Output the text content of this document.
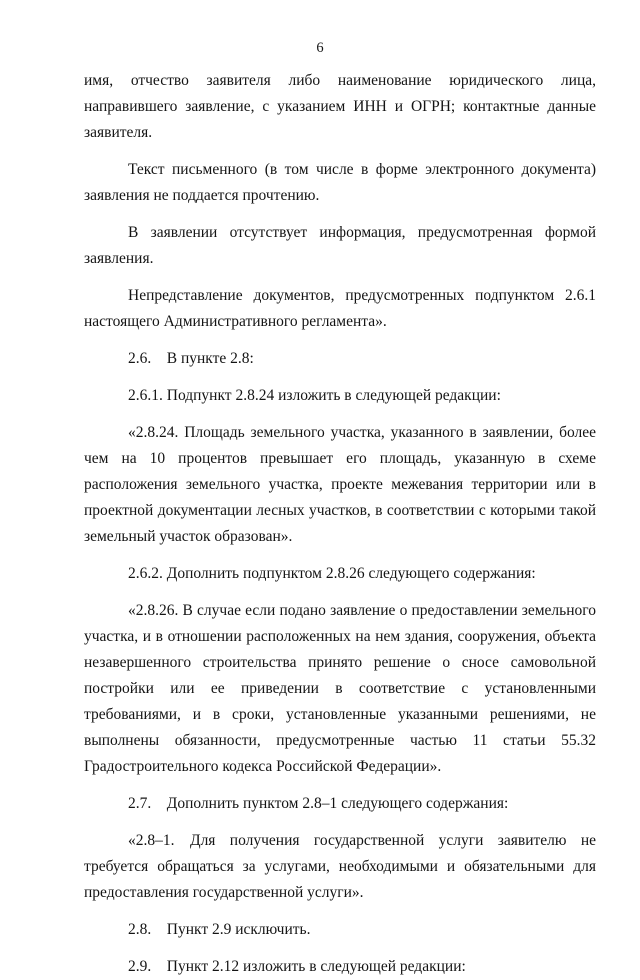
6

имя, отчество заявителя либо наименование юридического лица, направившего заявление, с указанием ИНН и ОГРН; контактные данные заявителя.

Текст письменного (в том числе в форме электронного документа) заявления не поддается прочтению.

В заявлении отсутствует информация, предусмотренная формой заявления.

Непредставление документов, предусмотренных подпунктом 2.6.1 настоящего Административного регламента».

2.6. В пункте 2.8:

2.6.1. Подпункт 2.8.24 изложить в следующей редакции:

«2.8.24. Площадь земельного участка, указанного в заявлении, более чем на 10 процентов превышает его площадь, указанную в схеме расположения земельного участка, проекте межевания территории или в проектной документации лесных участков, в соответствии с которыми такой земельный участок образован».

2.6.2. Дополнить подпунктом 2.8.26 следующего содержания:

«2.8.26. В случае если подано заявление о предоставлении земельного участка, и в отношении расположенных на нем здания, сооружения, объекта незавершенного строительства принято решение о сносе самовольной постройки или ее приведении в соответствие с установленными требованиями, и в сроки, установленные указанными решениями, не выполнены обязанности, предусмотренные частью 11 статьи 55.32 Градостроительного кодекса Российской Федерации».

2.7. Дополнить пунктом 2.8–1 следующего содержания:

«2.8–1. Для получения государственной услуги заявителю не требуется обращаться за услугами, необходимыми и обязательными для предоставления государственной услуги».

2.8. Пункт 2.9 исключить.

2.9. Пункт 2.12 изложить в следующей редакции:
